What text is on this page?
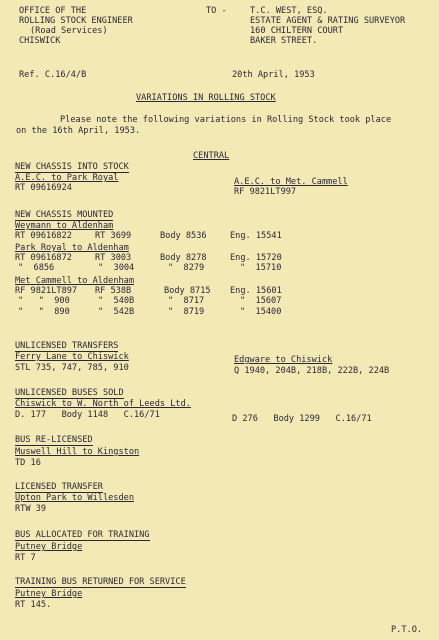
OFFICE OF THE
ROLLING STOCK ENGINEER
(Road Services)
CHISWICK
TO -	T.C. WEST, ESQ.
ESTATE AGENT & RATING SURVEYOR
160 CHILTERN COURT
BAKER STREET.
Ref. C.16/4/B	20th April, 1953
VARIATIONS IN ROLLING STOCK
Please note the following variations in Rolling Stock took place
on the 16th April, 1953.
CENTRAL
NEW CHASSIS INTO STOCK
A.E.C. to Park Royal
RT 09616924
A.E.C. to Met. Cammell
RF 9821LT997
NEW CHASSIS MOUNTED
Weymann to Aldenham
RT 09616822	RT 3699	Body 8536	Eng. 15541
Park Royal to Aldenham
RT 09616872	RT 3003	Body 8278	Eng. 15720
"  6856	"  3004	"  8279	"  15710
Met Cammell to Aldenham
RF 9821LT897 RF 538B	Body 8715 Eng. 15601
"   "  900	"  540B	"  8717	"  15607
"   "  890	"  542B	"  8719	"  15400
UNLICENSED TRANSFERS
Ferry Lane to Chiswick
STL 735, 747, 785, 910
Edgware to Chiswick
Q 1940, 204B, 218B, 222B, 224B
UNLICENSED BUSES SOLD
Chiswick to W. North of Leeds Ltd.
D. 177   Body 1148   C.16/71	D 276   Body 1299   C.16/71
BUS RE-LICENSED
Muswell Hill to Kingston
TD 16
LICENSED TRANSFER
Upton Park to Willesden
RTW 39
BUS ALLOCATED FOR TRAINING
Putney Bridge
RT 7
TRAINING BUS RETURNED FOR SERVICE
Putney Bridge
RT 145.
P.T.O.
